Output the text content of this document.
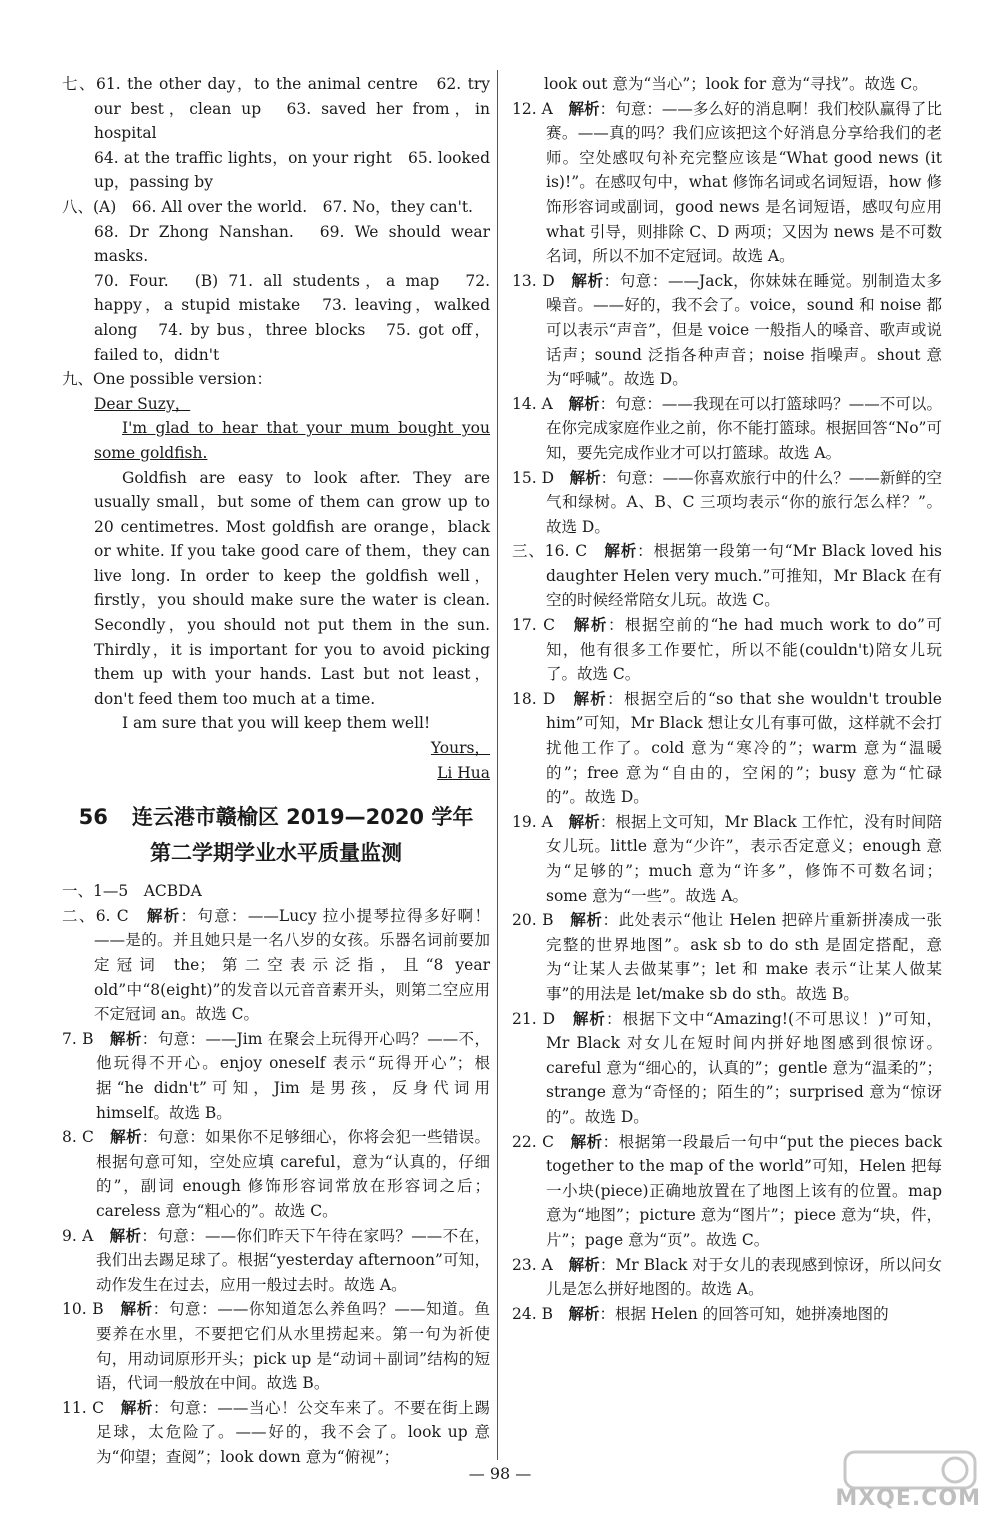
七、61. the other day，to the animal centre　62. try our best，clean up　63. saved her from，in hospital

64. at the traffic lights，on your right　65. looked up，passing by

八、(A)　66. All over the world.　67. No，they can't.

68. Dr Zhong Nanshan.　69. We should wear masks.

70. Four.　(B) 71. all students，a map　72. happy，a stupid mistake　73. leaving，walked along　74. by bus，three blocks　75. got off，failed to，didn't

九、One possible version：

Dear Suzy，

I'm glad to hear that your mum bought you some goldfish.

Goldfish are easy to look after. They are usually small，but some of them can grow up to 20 centimetres. Most goldfish are orange，black or white. If you take good care of them，they can live long. In order to keep the goldfish well，firstly，you should make sure the water is clean. Secondly，you should not put them in the sun. Thirdly，it is important for you to avoid picking them up with your hands. Last but not least，don't feed them too much at a time.

I am sure that you will keep them well!

Yours，

Li Hua

56 连云港市赣榆区 2019—2020 学年
第二学期学业水平质量监测

一、1—5　ACBDA

二、6. C　解析：句意：——Lucy 拉小提琴拉得多好啊！——是的。并且她只是一名八岁的女孩。乐器名词前要加定冠词 the；第二空表示泛指，且“8 year old”中“8(eight)”的发音以元音音素开头，则第二空应用不定冠词 an。故选 C。

7. B　解析：句意：——Jim 在聚会上玩得开心吗？——不，他玩得不开心。enjoy oneself 表示“玩得开心”；根据“he didn't”可知，Jim 是男孩，反身代词用 himself。故选 B。

8. C　解析：句意：如果你不足够细心，你将会犯一些错误。根据句意可知，空处应填 careful，意为“认真的，仔细的”，副词 enough 修饰形容词常放在形容词之后；careless 意为“粗心的”。故选 C。

9. A　解析：句意：——你们昨天下午待在家吗？——不在，我们出去踢足球了。根据“yesterday afternoon”可知，动作发生在过去，应用一般过去时。故选 A。

10. B　解析：句意：——你知道怎么养鱼吗？——知道。鱼要养在水里，不要把它们从水里捞起来。第一句为祈使句，用动词原形开头；pick up 是“动词＋副词”结构的短语，代词一般放在中间。故选 B。

11. C　解析：句意：——当心！公交车来了。不要在街上踢足球，太危险了。——好的，我不会了。look up 意为“仰望；查阅”；look down 意为“俯视”；

look out 意为“当心”；look for 意为“寻找”。故选 C。

12. A　解析：句意：——多么好的消息啊！我们校队赢得了比赛。——真的吗？我们应该把这个好消息分享给我们的老师。空处感叹句补充完整应该是“What good news (it is)!”。在感叹句中，what 修饰名词或名词短语，how 修饰形容词或副词，good news 是名词短语，感叹句应用 what 引导，则排除 C、D 两项；又因为 news 是不可数名词，所以不加不定冠词。故选 A。

13. D　解析：句意：——Jack，你妹妹在睡觉。别制造太多噪音。——好的，我不会了。voice，sound 和 noise 都可以表示“声音”，但是 voice 一般指人的嗓音、歌声或说话声；sound 泛指各种声音；noise 指噪声。shout 意为“呼喊”。故选 D。

14. A　解析：句意：——我现在可以打篮球吗？——不可以。在你完成家庭作业之前，你不能打篮球。根据回答“No”可知，要先完成作业才可以打篮球。故选 A。

15. D　解析：句意：——你喜欢旅行中的什么？——新鲜的空气和绿树。A、B、C 三项均表示“你的旅行怎么样？”。故选 D。

三、16. C　解析：根据第一段第一句“Mr Black loved his daughter Helen very much.”可推知，Mr Black 在有空的时候经常陪女儿玩。故选 C。

17. C　解析：根据空前的“he had much work to do”可知，他有很多工作要忙，所以不能(couldn't)陪女儿玩了。故选 C。

18. D　解析：根据空后的“so that she wouldn't trouble him”可知，Mr Black 想让女儿有事可做，这样就不会打扰他工作了。cold 意为“寒冷的”；warm 意为“温暖的”；free 意为“自由的，空闲的”；busy 意为“忙碌的”。故选 D。

19. A　解析：根据上文可知，Mr Black 工作忙，没有时间陪女儿玩。little 意为“少许”，表示否定意义；enough 意为“足够的”；much 意为“许多”，修饰不可数名词；some 意为“一些”。故选 A。

20. B　解析：此处表示“他让 Helen 把碎片重新拼凑成一张完整的世界地图”。ask sb to do sth 是固定搭配，意为“让某人去做某事”；let 和 make 表示“让某人做某事”的用法是 let/make sb do sth。故选 B。

21. D　解析：根据下文中“Amazing!(不可思议！)”可知，Mr Black 对女儿在短时间内拼好地图感到很惊讶。careful 意为“细心的，认真的”；gentle 意为“温柔的”；strange 意为“奇怪的；陌生的”；surprised 意为“惊讶的”。故选 D。

22. C　解析：根据第一段最后一句中“put the pieces back together to the map of the world”可知，Helen 把每一小块(piece)正确地放置在了地图上该有的位置。map 意为“地图”；picture 意为“图片”；piece 意为“块，件，片”；page 意为“页”。故选 C。

23. A　解析：Mr Black 对于女儿的表现感到惊讶，所以问女儿是怎么拼好地图的。故选 A。

24. B　解析：根据 Helen 的回答可知，她拼凑地图的

— 98 —
MXQE.COM
